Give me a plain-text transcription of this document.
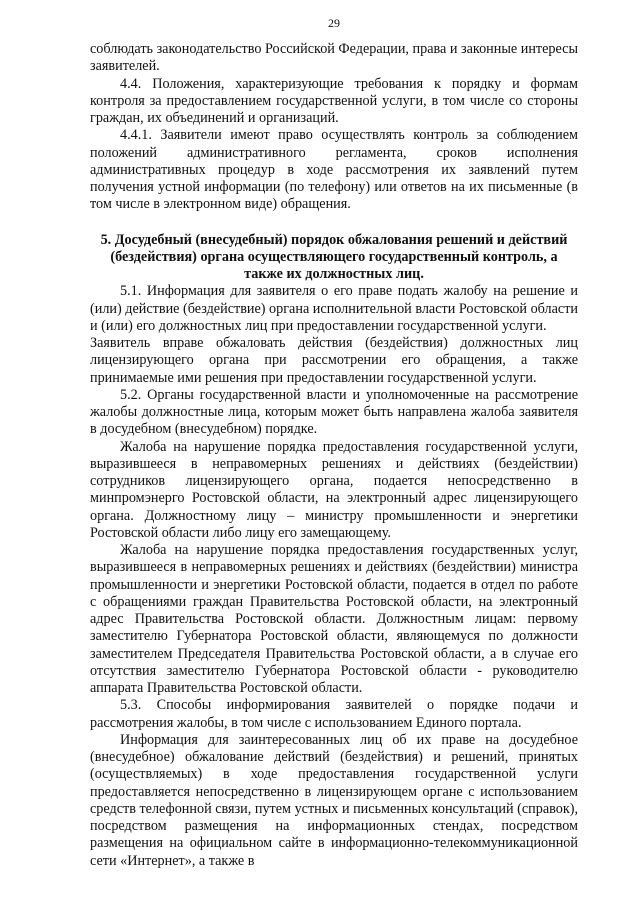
29

соблюдать законодательство Российской Федерации, права и законные интересы заявителей.

4.4. Положения, характеризующие требования к порядку и формам контроля за предоставлением государственной услуги, в том числе со стороны граждан, их объединений и организаций.

4.4.1. Заявители имеют право осуществлять контроль за соблюдением положений административного регламента, сроков исполнения административных процедур в ходе рассмотрения их заявлений путем получения устной информации (по телефону) или ответов на их письменные (в том числе в электронном виде) обращения.

5. Досудебный (внесудебный) порядок обжалования решений и действий (бездействия) органа осуществляющего государственный контроль, а также их должностных лиц.

5.1. Информация для заявителя о его праве подать жалобу на решение и (или) действие (бездействие) органа исполнительной власти Ростовской области и (или) его должностных лиц при предоставлении государственной услуги.

Заявитель вправе обжаловать действия (бездействия) должностных лиц лицензирующего органа при рассмотрении его обращения, а также принимаемые ими решения при предоставлении государственной услуги.

5.2. Органы государственной власти и уполномоченные на рассмотрение жалобы должностные лица, которым может быть направлена жалоба заявителя в досудебном (внесудебном) порядке.

Жалоба на нарушение порядка предоставления государственной услуги, выразившееся в неправомерных решениях и действиях (бездействии) сотрудников лицензирующего органа, подается непосредственно в минпромэнерго Ростовской области, на электронный адрес лицензирующего органа. Должностному лицу – министру промышленности и энергетики Ростовской области либо лицу его замещающему.

Жалоба на нарушение порядка предоставления государственных услуг, выразившееся в неправомерных решениях и действиях (бездействии) министра промышленности и энергетики Ростовской области, подается в отдел по работе с обращениями граждан Правительства Ростовской области, на электронный адрес Правительства Ростовской области. Должностным лицам: первому заместителю Губернатора Ростовской области, являющемуся по должности заместителем Председателя Правительства Ростовской области, а в случае его отсутствия заместителю Губернатора Ростовской области - руководителю аппарата Правительства Ростовской области.

5.3. Способы информирования заявителей о порядке подачи и рассмотрения жалобы, в том числе с использованием Единого портала.

Информация для заинтересованных лиц об их праве на досудебное (внесудебное) обжалование действий (бездействия) и решений, принятых (осуществляемых) в ходе предоставления государственной услуги предоставляется непосредственно в лицензирующем органе с использованием средств телефонной связи, путем устных и письменных консультаций (справок), посредством размещения на информационных стендах, посредством размещения на официальном сайте в информационно-телекоммуникационной сети «Интернет», а также в
